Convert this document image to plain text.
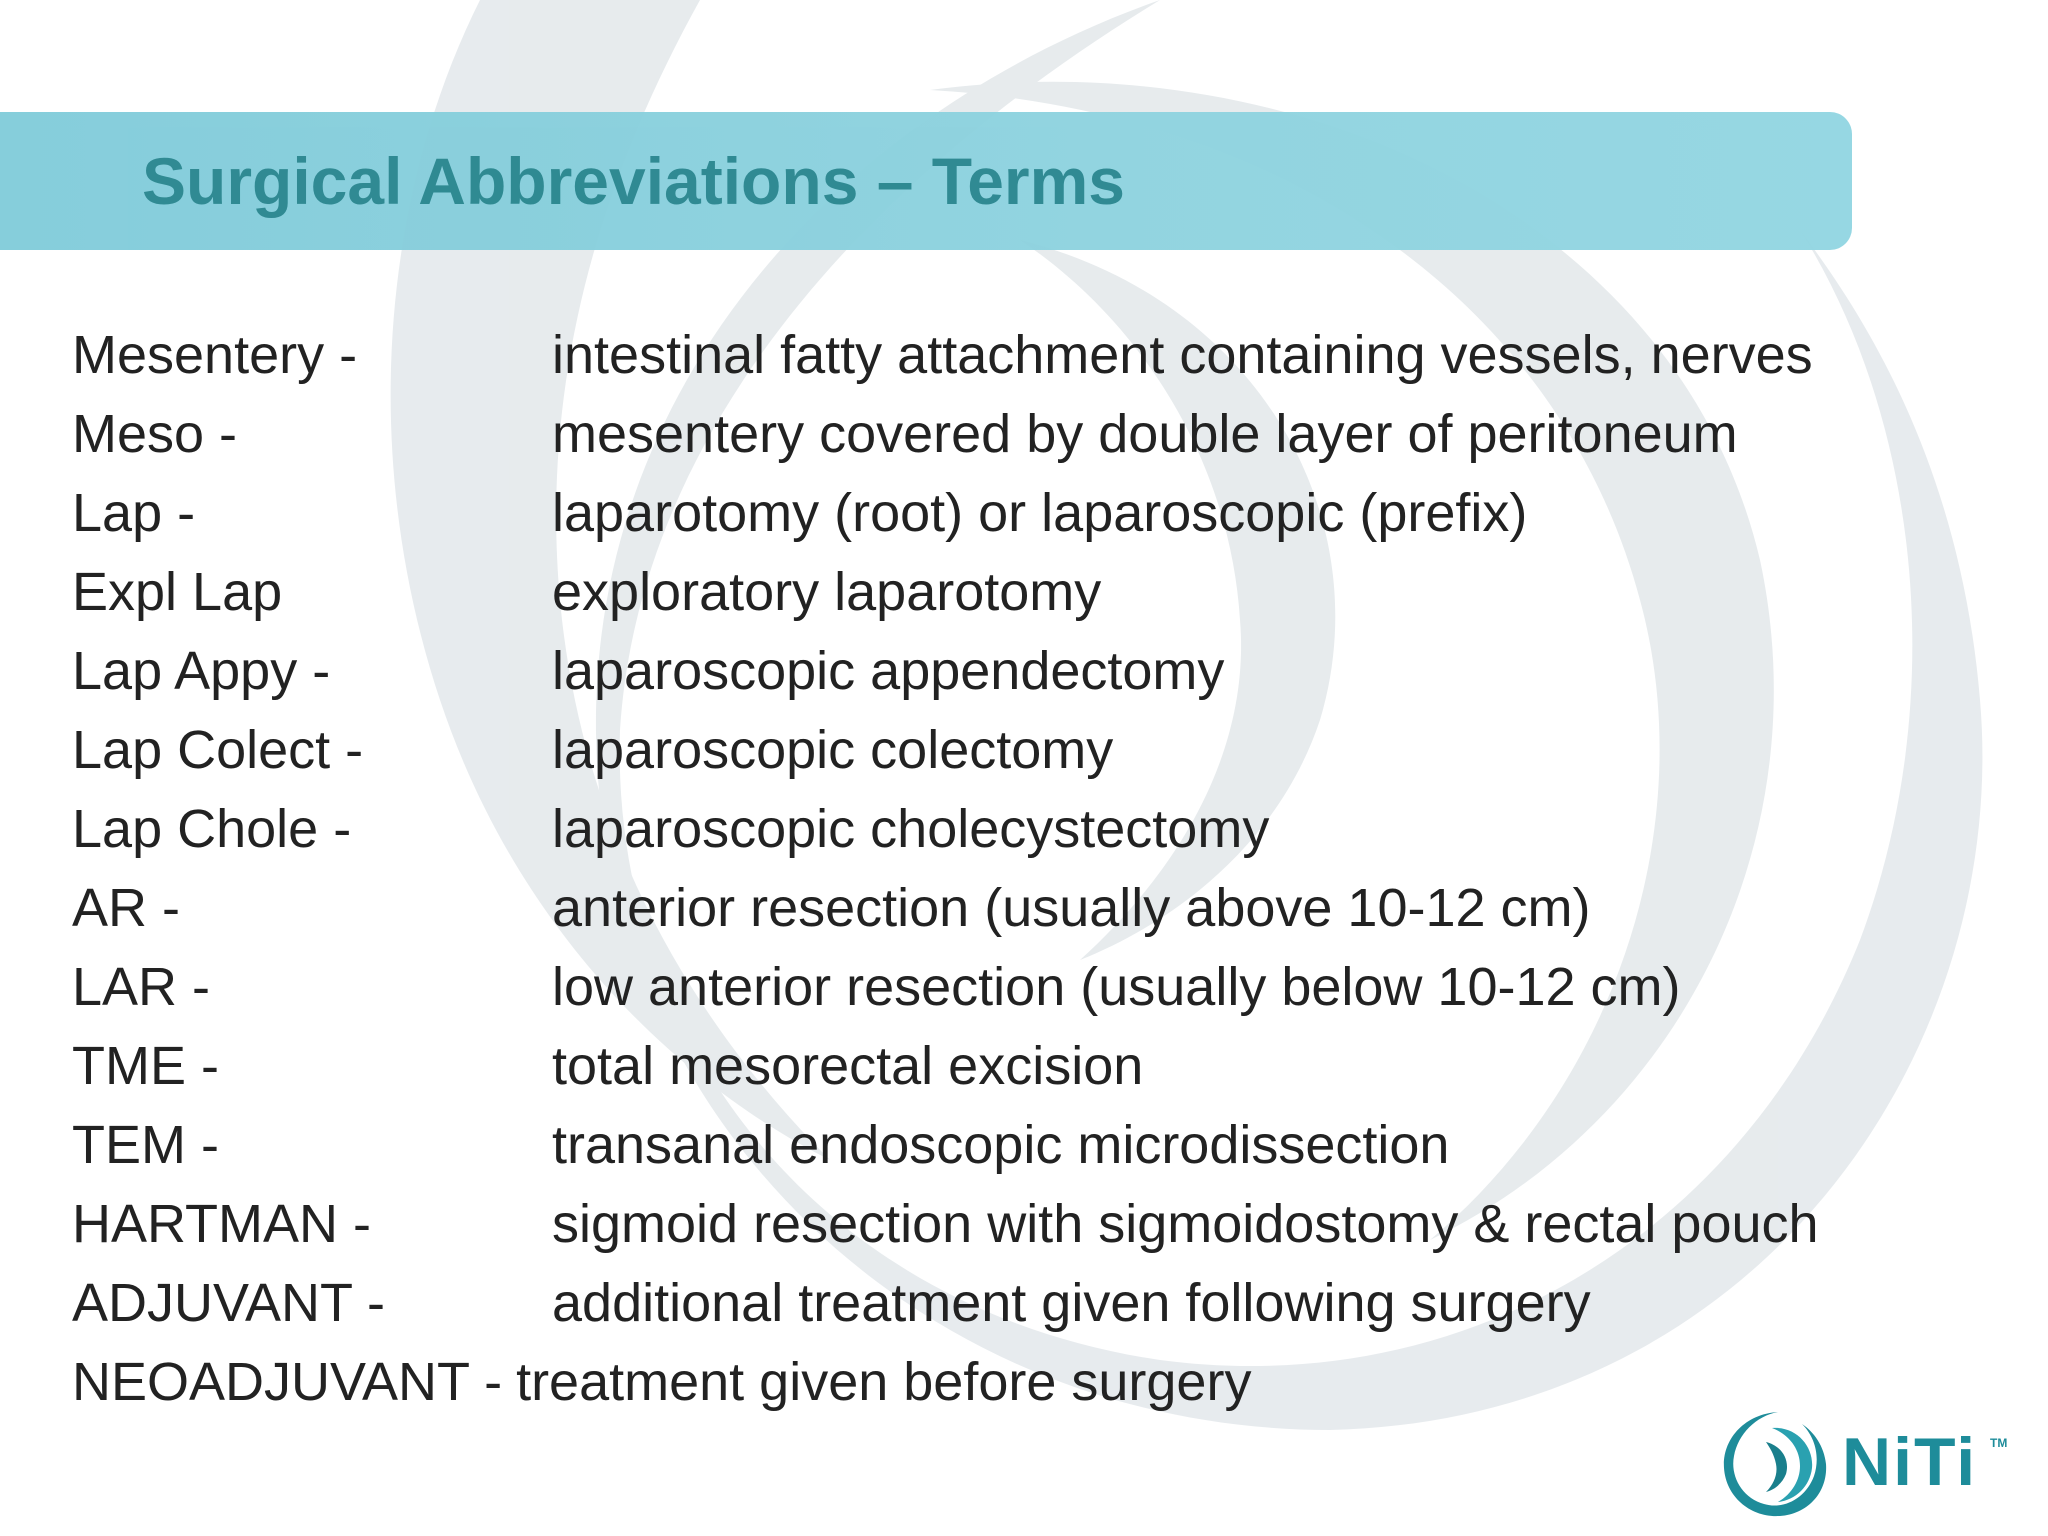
Surgical Abbreviations – Terms
Mesentery -	intestinal fatty attachment containing vessels, nerves
Meso -	mesentery covered by double layer of peritoneum
Lap -	laparotomy (root) or laparoscopic (prefix)
Expl Lap	exploratory laparotomy
Lap Appy -	laparoscopic appendectomy
Lap Colect -	laparoscopic colectomy
Lap Chole -	laparoscopic cholecystectomy
AR -	anterior resection (usually above 10-12 cm)
LAR -	low anterior resection (usually below 10-12 cm)
TME -	total mesorectal excision
TEM -	transanal endoscopic microdissection
HARTMAN -	sigmoid resection with sigmoidostomy & rectal pouch
ADJUVANT -	additional treatment given following surgery
NEOADJUVANT - treatment given before surgery
NiTi TM
